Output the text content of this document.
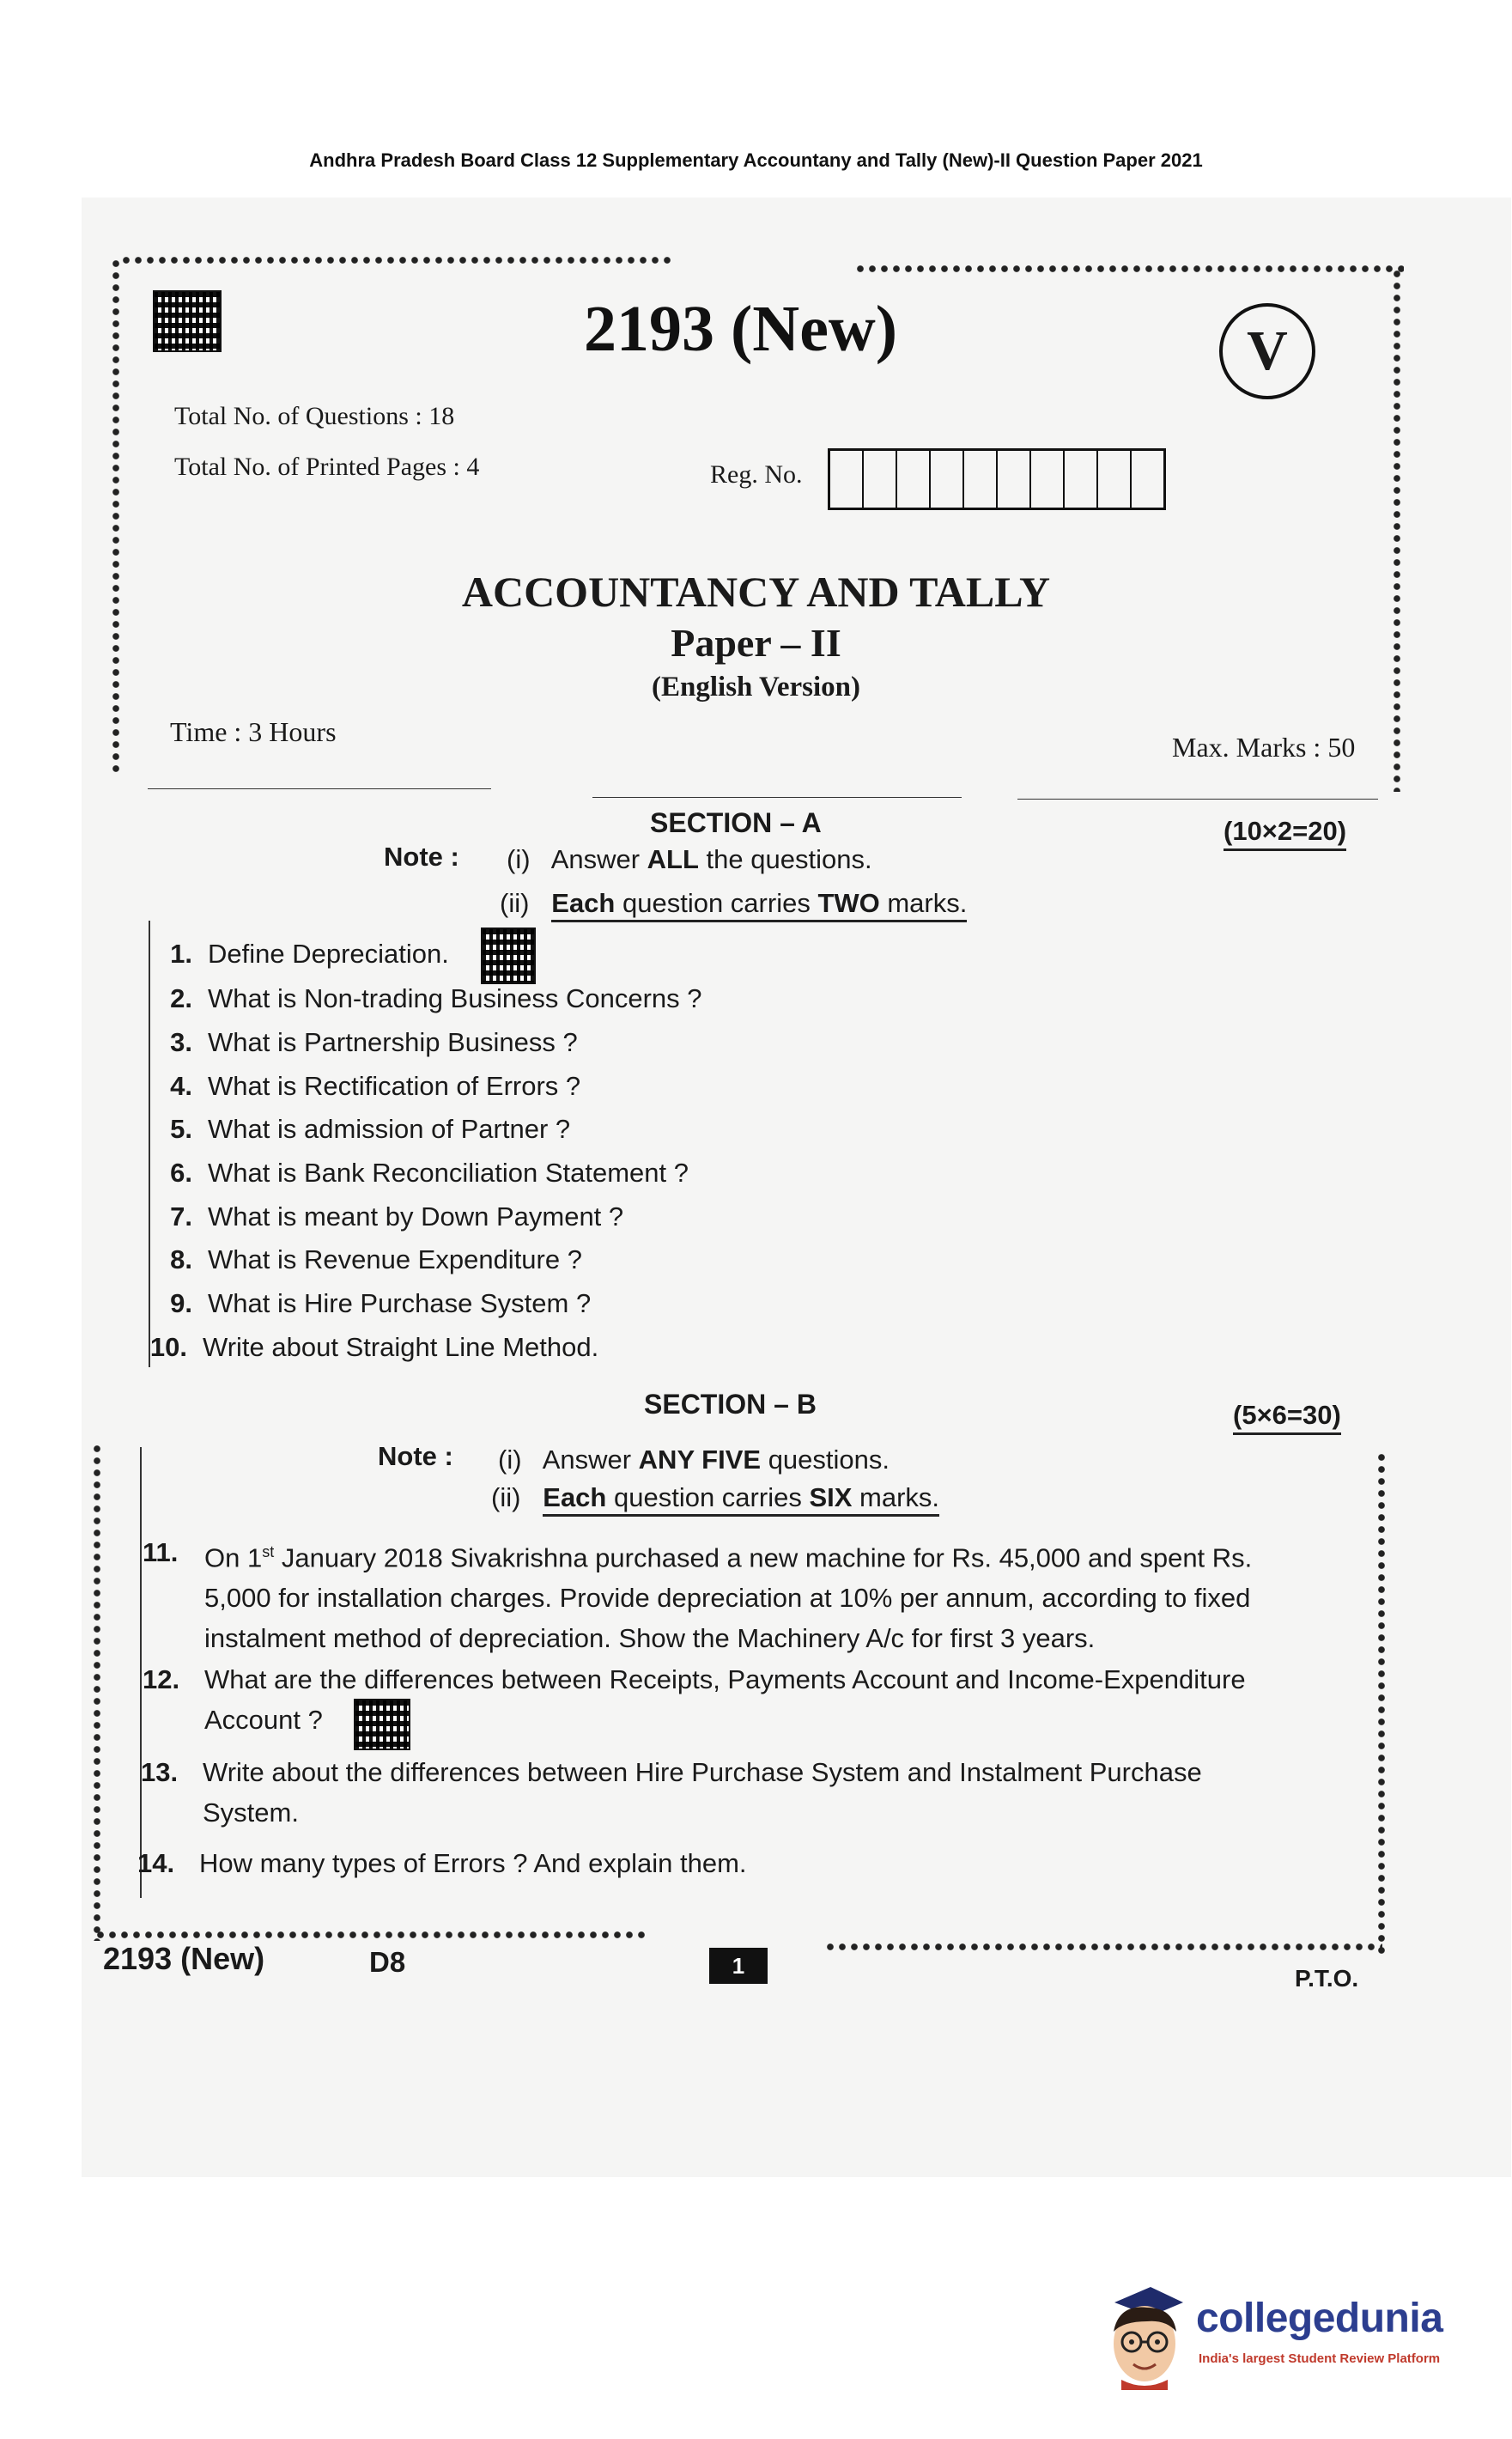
Andhra Pradesh Board Class 12 Supplementary Accountany and Tally (New)-II Question Paper 2021
2193 (New)	V
Total No. of Questions : 18
Total No. of Printed Pages : 4	Reg. No.
ACCOUNTANCY AND TALLY
Paper – II
(English Version)
Time : 3 Hours	Max. Marks : 50
SECTION – A	(10×2=20)
Note : (i) Answer ALL the questions.
(ii) Each question carries TWO marks.
1. Define Depreciation.
2. What is Non-trading Business Concerns ?
3. What is Partnership Business ?
4. What is Rectification of Errors ?
5. What is admission of Partner ?
6. What is Bank Reconciliation Statement ?
7. What is meant by Down Payment ?
8. What is Revenue Expenditure ?
9. What is Hire Purchase System ?
10. Write about Straight Line Method.
SECTION – B	(5×6=30)
Note : (i) Answer ANY FIVE questions.
(ii) Each question carries SIX marks.
11. On 1st January 2018 Sivakrishna purchased a new machine for Rs. 45,000 and spent Rs. 5,000 for installation charges. Provide depreciation at 10% per annum, according to fixed instalment method of depreciation. Show the Machinery A/c for first 3 years.
12. What are the differences between Receipts, Payments Account and Income-Expenditure Account ?
13. Write about the differences between Hire Purchase System and Instalment Purchase System.
14. How many types of Errors ? And explain them.
2193 (New)	D8	1	P.T.O.
collegedunia
India's largest Student Review Platform
